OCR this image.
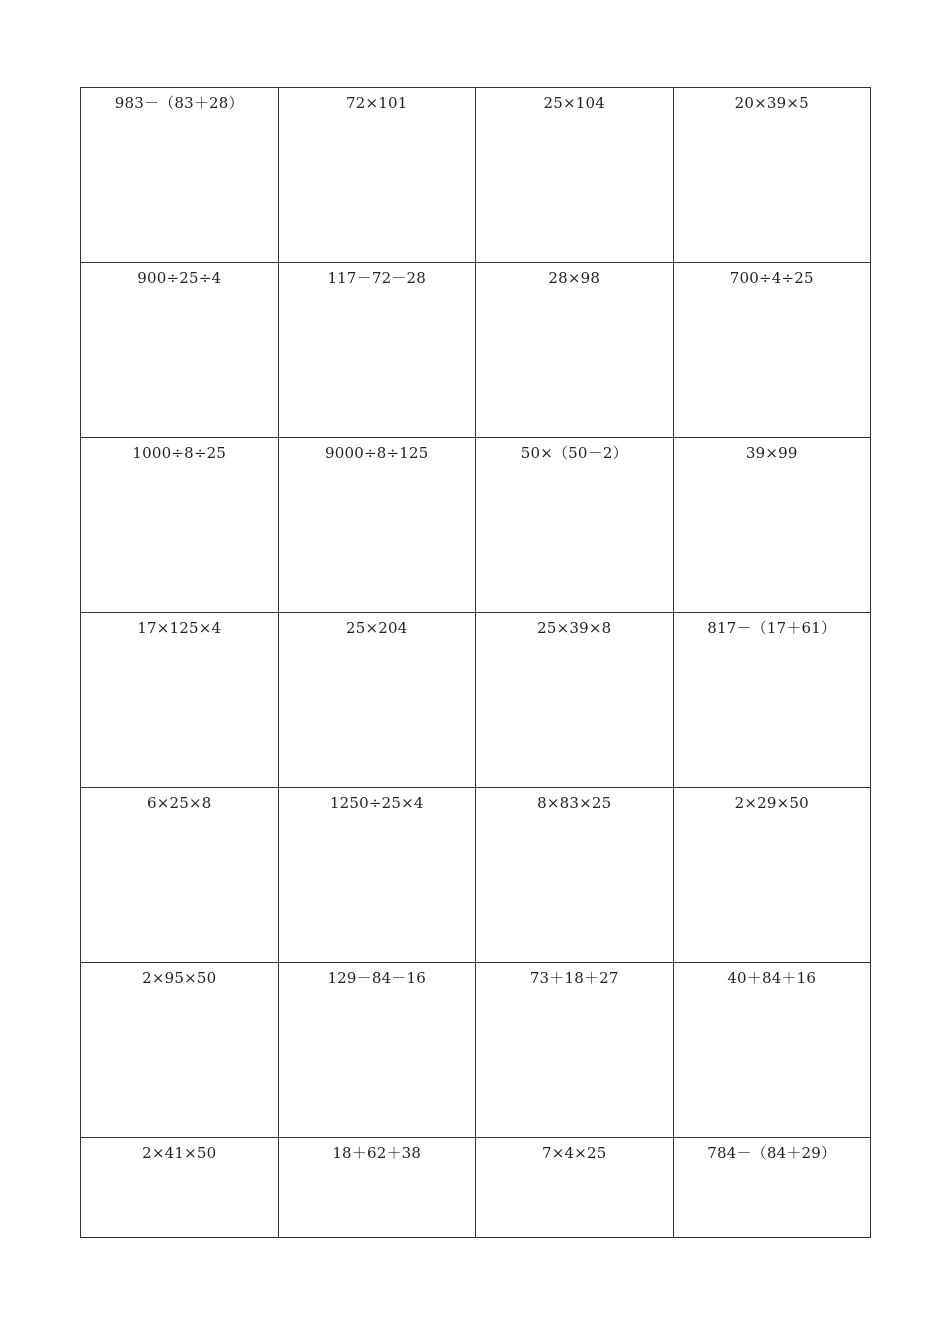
983－（83＋28）	72×101	25×104	20×39×5

900÷25÷4	117－72－28	28×98	700÷4÷25

1000÷8÷25	9000÷8÷125	50×（50－2）	39×99

17×125×4	25×204	25×39×8	817－（17＋61）

6×25×8	1250÷25×4	8×83×25	2×29×50

2×95×50	129－84－16	73＋18＋27	40＋84＋16

2×41×50	18＋62＋38	7×4×25	784－（84＋29）
